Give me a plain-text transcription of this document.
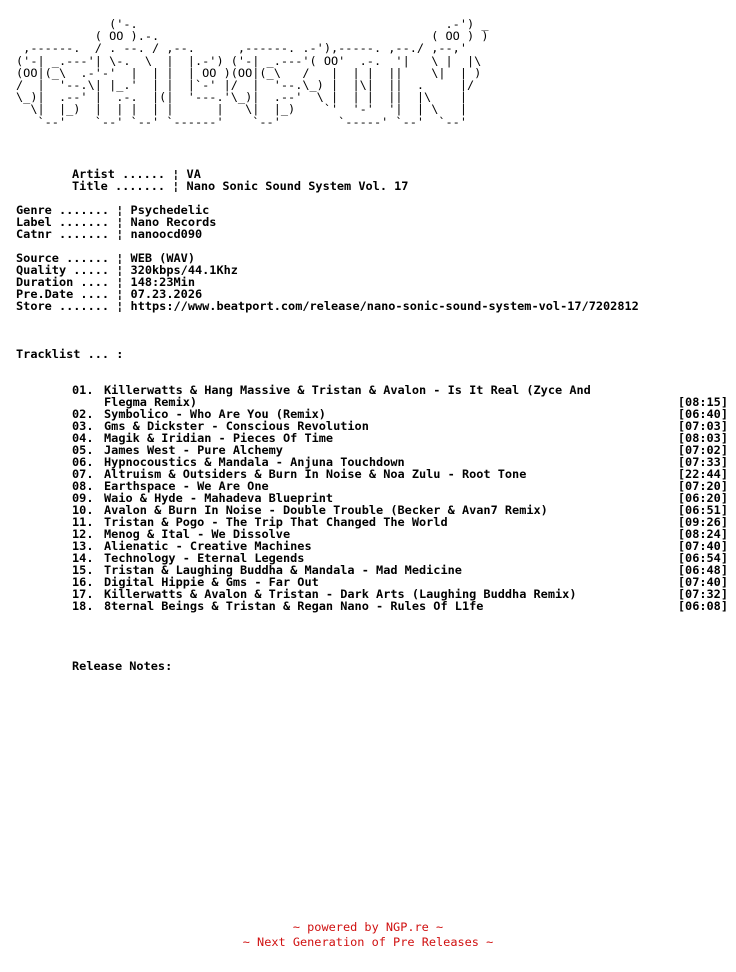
('-.                                           .-') _
( OO ).-.                                      ( OO ) )
,------.  / . --. / ,--.      ,------. .-'),-----. ,--./ ,--,'
('-| _.---'| \-.  \  |  |.-') ('-| _.---'( OO'  .-.  '|   \ |  |\
(OO|(_\  .-'-'  |  | |  | OO )(OO|(_\   /   |  | |  ||    \|  | )
/  |  '--.\| |_.'  | |  |`-' |/  |  '--.\_) |  |\|  ||  .     |/
\_)|  .--' |  .-.  |(|  '---.'\_)|  .--'  \ |  | |  ||  |\    |
\|  |_)  |  | |  | |      |   \|  |_)    `'  '-'  '|  | \   |
`--'    `--' `--' `------'    `--'        `-----' `--'  `--'
Artist ...... ¦ VA
Title ....... ¦ Nano Sonic Sound System Vol. 17
Genre ....... ¦ Psychedelic
Label ....... ¦ Nano Records
Catnr ....... ¦ nanoocd090
Source ...... ¦ WEB (WAV)
Quality ..... ¦ 320kbps/44.1Khz
Duration .... ¦ 148:23Min
Pre.Date .... ¦ 07.23.2026
Store ....... ¦ https://www.beatport.com/release/nano-sonic-sound-system-vol-17/7202812
Tracklist ... :
01. Killerwatts & Hang Massive & Tristan & Avalon - Is It Real (Zyce And
Flegma Remix)	[08:15]
02. Symbolico - Who Are You (Remix)	[06:40]
03. Gms & Dickster - Conscious Revolution	[07:03]
04. Magik & Iridian - Pieces Of Time	[08:03]
05. James West - Pure Alchemy	[07:02]
06. Hypnocoustics & Mandala - Anjuna Touchdown	[07:33]
07. Altruism & Outsiders & Burn In Noise & Noa Zulu - Root Tone	[22:44]
08. Earthspace - We Are One	[07:20]
09. Waio & Hyde - Mahadeva Blueprint	[06:20]
10. Avalon & Burn In Noise - Double Trouble (Becker & Avan7 Remix)	[06:51]
11. Tristan & Pogo - The Trip That Changed The World	[09:26]
12. Menog & Ital - We Dissolve	[08:24]
13. Alienatic - Creative Machines	[07:40]
14. Technology - Eternal Legends	[06:54]
15. Tristan & Laughing Buddha & Mandala - Mad Medicine	[06:48]
16. Digital Hippie & Gms - Far Out	[07:40]
17. Killerwatts & Avalon & Tristan - Dark Arts (Laughing Buddha Remix)	[07:32]
18. 8ternal Beings & Tristan & Regan Nano - Rules Of L1fe	[06:08]
Release Notes:
~ powered by NGP.re ~
~ Next Generation of Pre Releases ~
